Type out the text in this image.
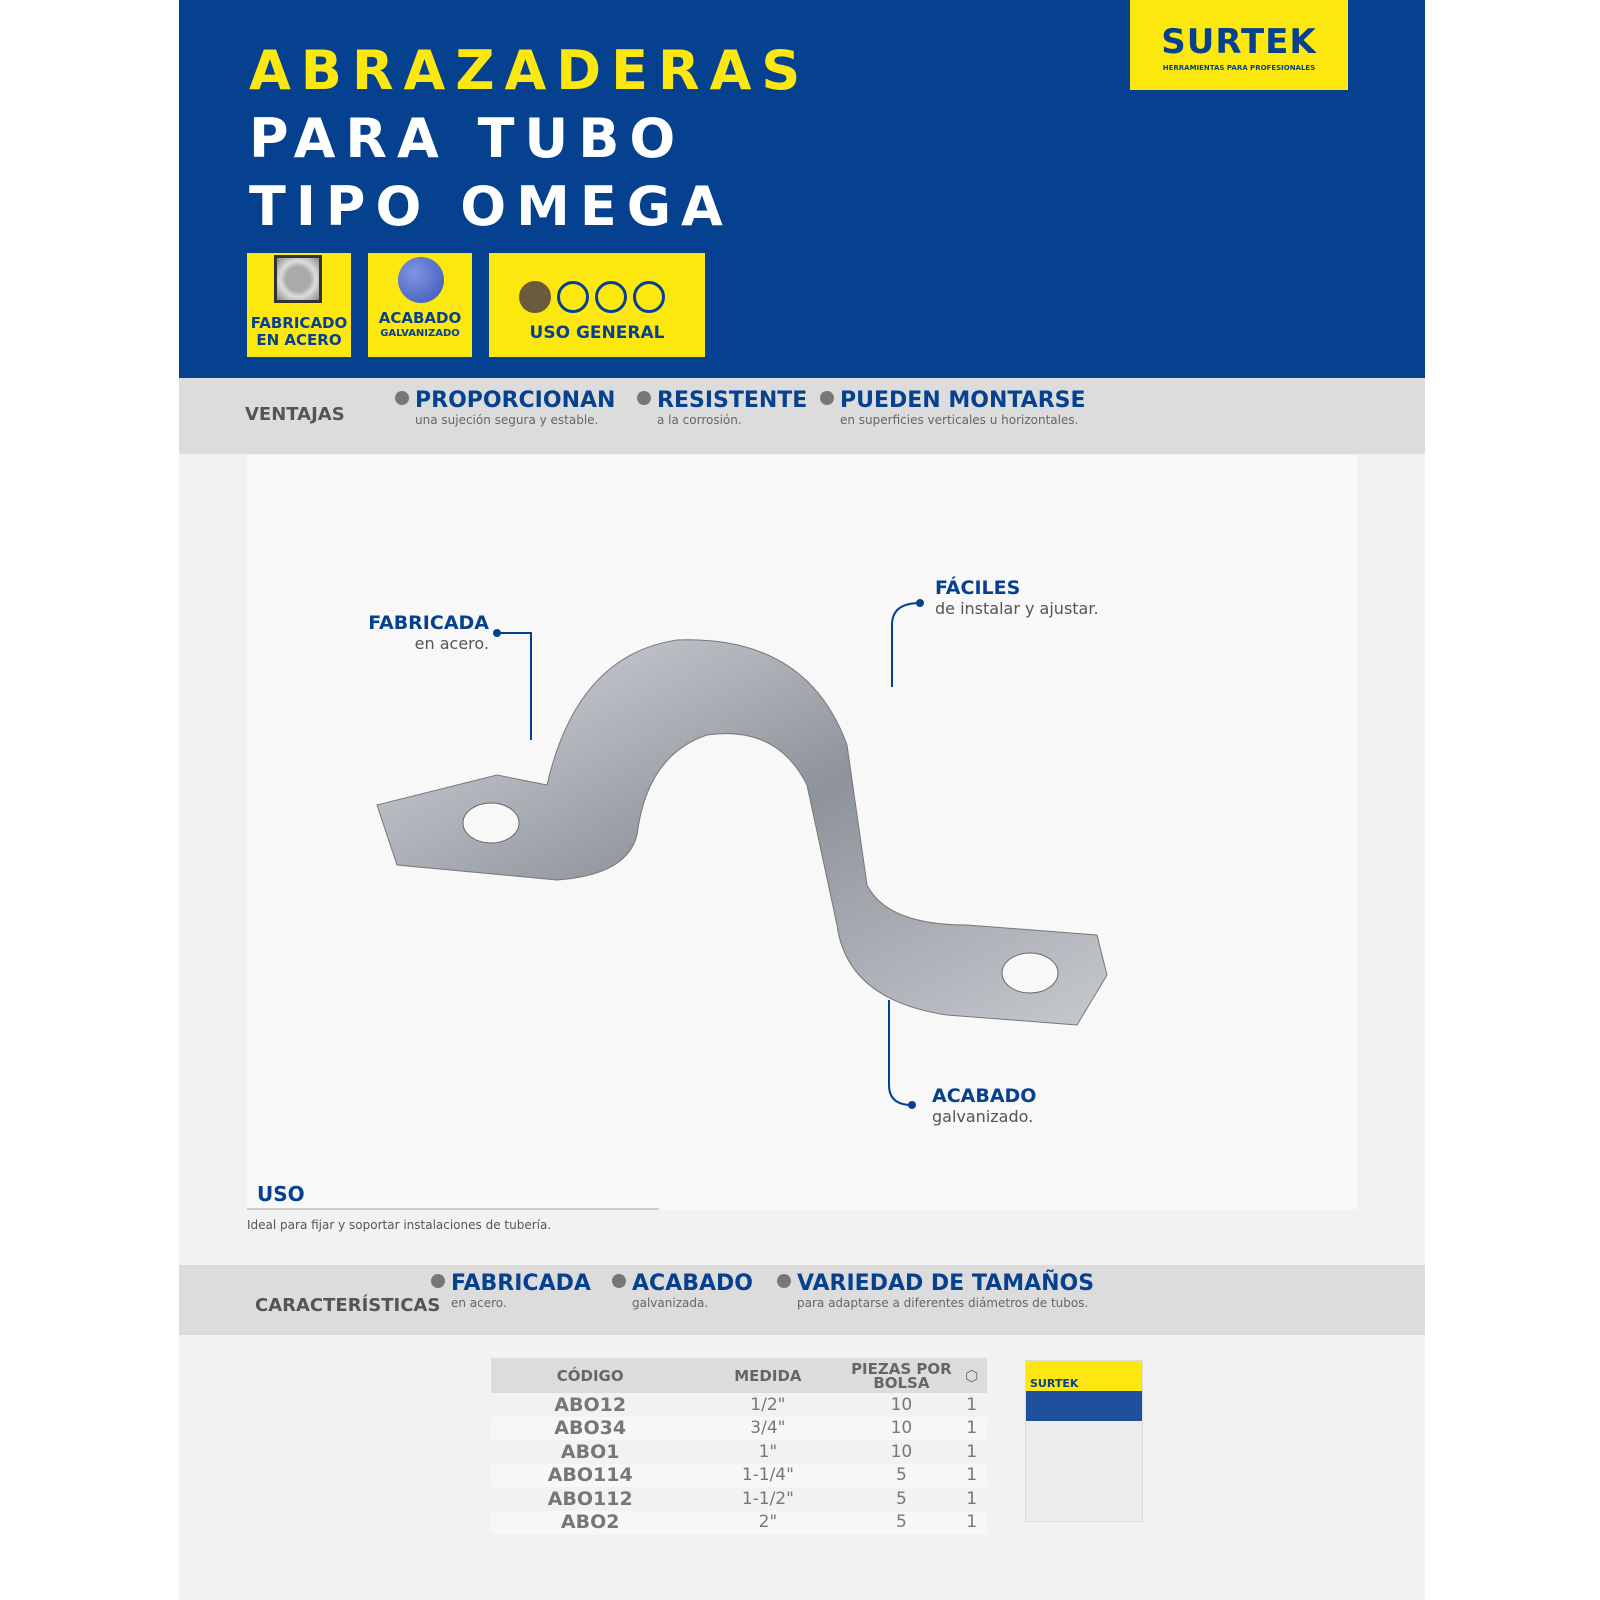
ABRAZADERAS
PARA TUBO
TIPO OMEGA
SURTEK
HERRAMIENTAS PARA PROFESIONALES
FABRICADO
EN ACERO
ACABADO
GALVANIZADO	USO GENERAL
VENTAJAS
PROPORCIONAN
una sujeción segura y estable.
RESISTENTE
a la corrosión.
PUEDEN MONTARSE
en superficies verticales u horizontales.
FABRICADA
en acero.
FÁCILES
de instalar y ajustar.
ACABADO
galvanizado.
USO
Ideal para fijar y soportar instalaciones de tubería.
CARACTERÍSTICAS
FABRICADA
en acero.
ACABADO
galvanizada.
VARIEDAD DE TAMAÑOS
para adaptarse a diferentes diámetros de tubos.
CÓDIGO	MEDIDA	PIEZAS POR BOLSA	⬡
ABO12	1/2"	10	1
ABO34	3/4"	10	1
ABO1	1"	10	1
ABO114	1-1/4"	5	1
ABO112	1-1/2"	5	1
ABO2	2"	5	1
SURTEK
